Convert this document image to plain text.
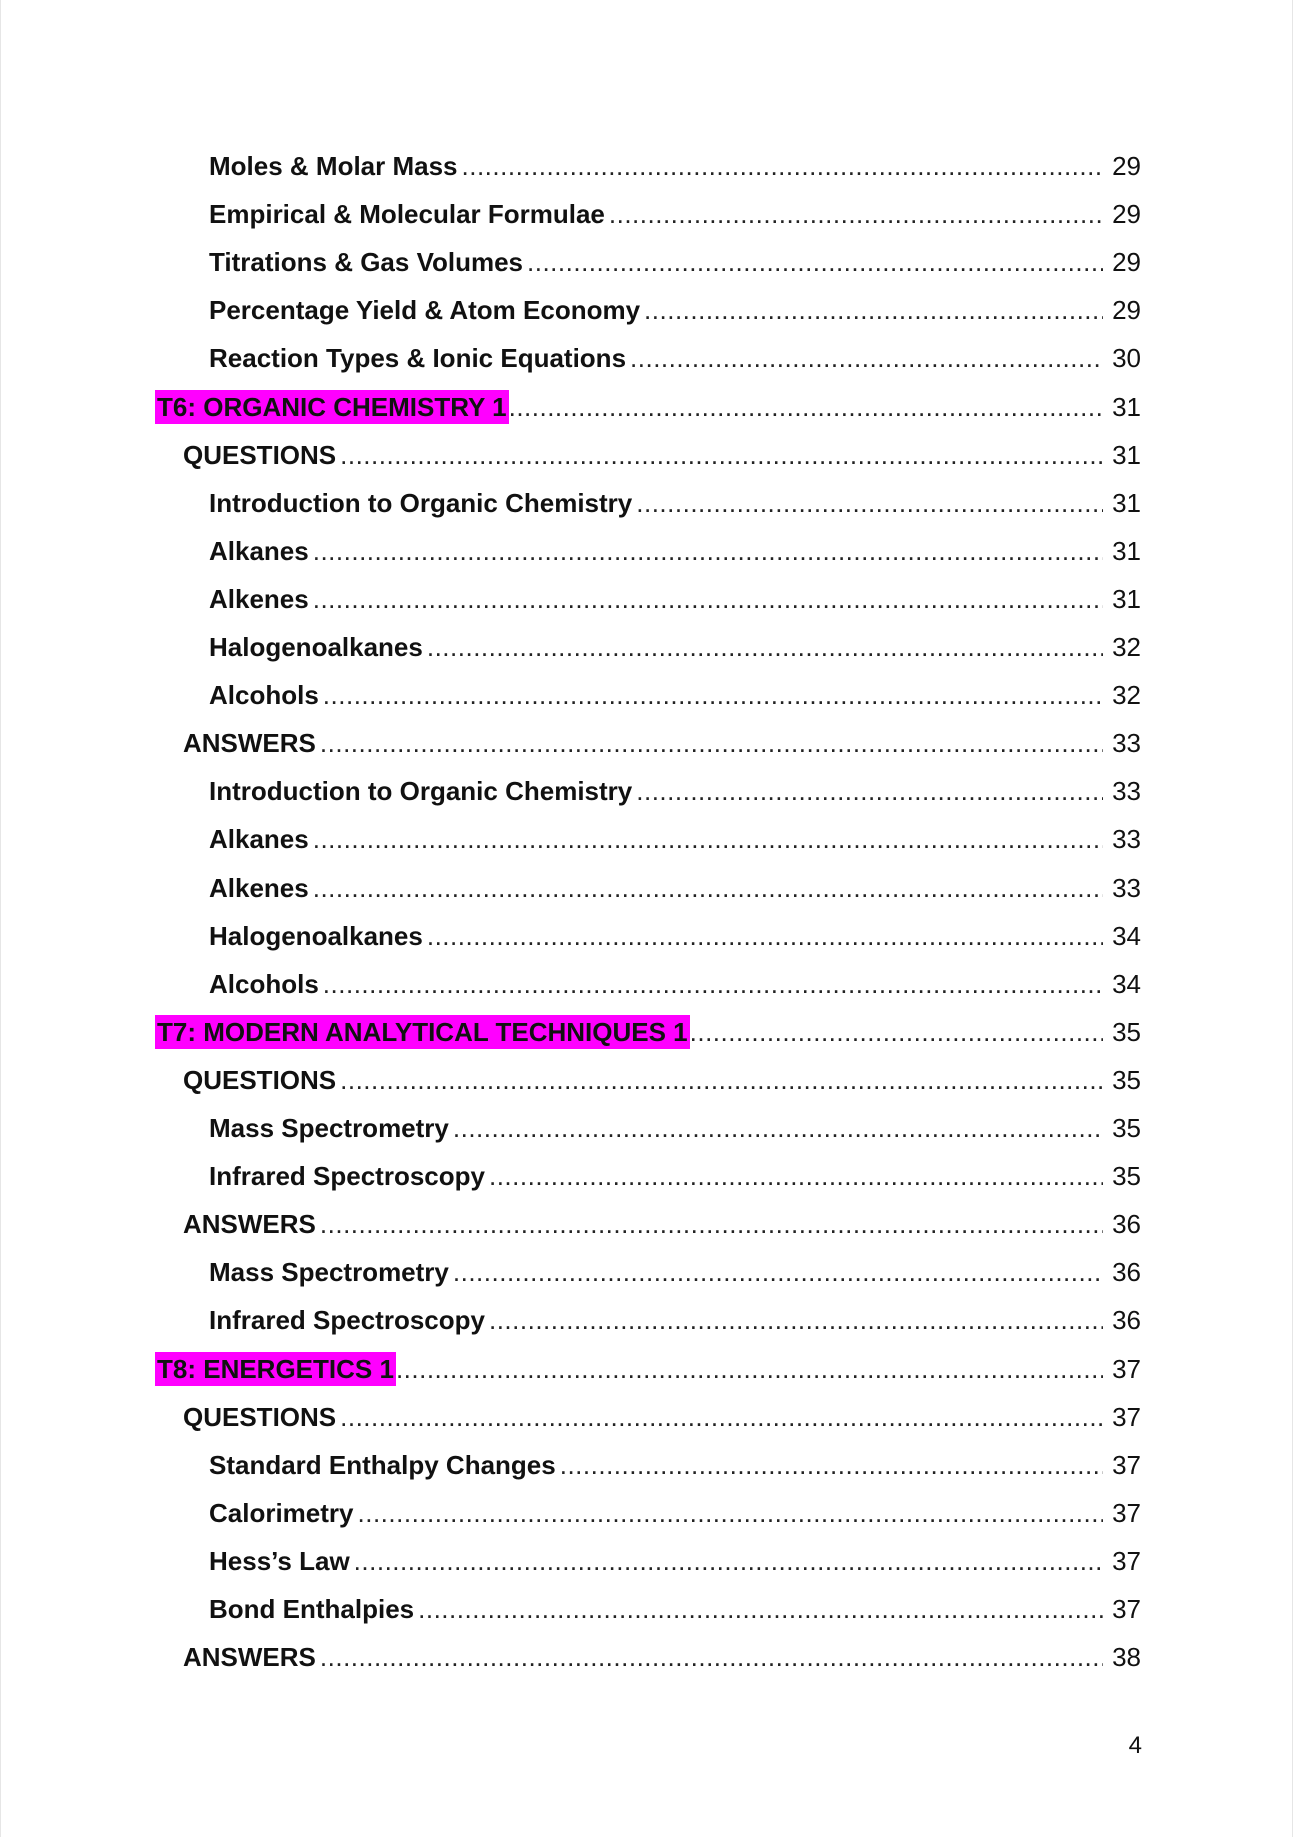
Moles & Molar Mass .....	29
Empirical & Molecular Formulae .....	29
Titrations & Gas Volumes .....	29
Percentage Yield & Atom Economy .....	29
Reaction Types & Ionic Equations .....	30
T6: ORGANIC CHEMISTRY 1 .....	31
QUESTIONS .....	31
Introduction to Organic Chemistry .....	31
Alkanes .....	31
Alkenes .....	31
Halogenoalkanes .....	32
Alcohols .....	32
ANSWERS .....	33
Introduction to Organic Chemistry .....	33
Alkanes .....	33
Alkenes .....	33
Halogenoalkanes .....	34
Alcohols .....	34
T7: MODERN ANALYTICAL TECHNIQUES 1 .....	35
QUESTIONS .....	35
Mass Spectrometry .....	35
Infrared Spectroscopy .....	35
ANSWERS .....	36
Mass Spectrometry .....	36
Infrared Spectroscopy .....	36
T8: ENERGETICS 1 .....	37
QUESTIONS .....	37
Standard Enthalpy Changes .....	37
Calorimetry .....	37
Hess’s Law .....	37
Bond Enthalpies .....	37
ANSWERS .....	38
4
